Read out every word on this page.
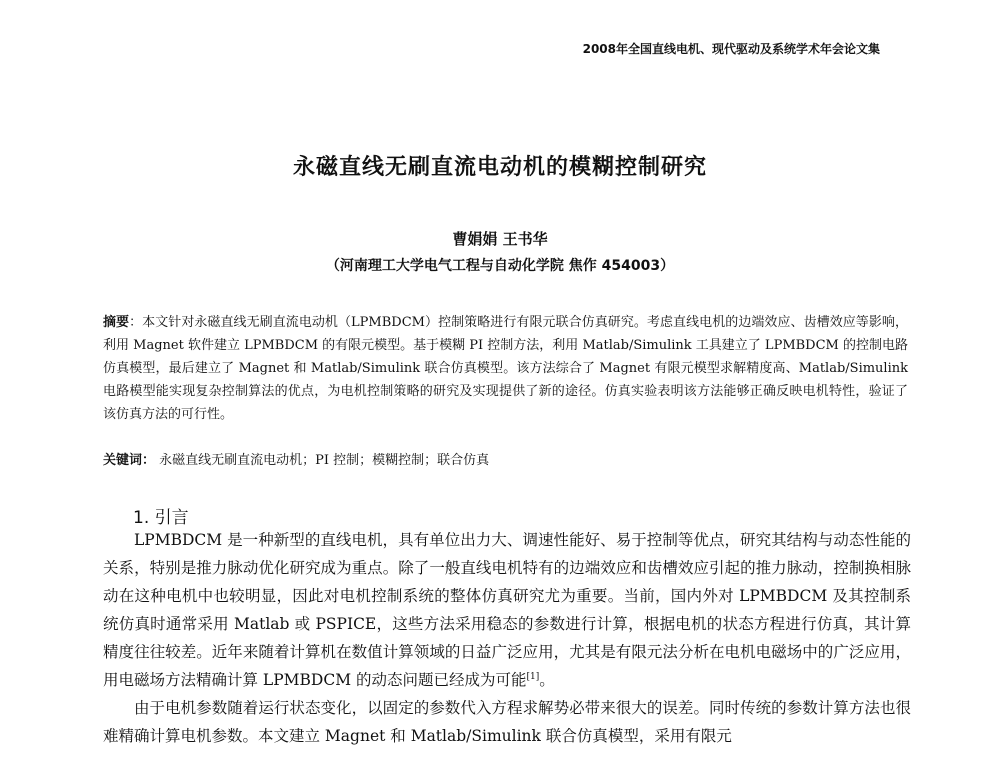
2008年全国直线电机、现代驱动及系统学术年会论文集
永磁直线无刷直流电动机的模糊控制研究
曹娟娟 王书华
（河南理工大学电气工程与自动化学院 焦作 454003）
摘要：本文针对永磁直线无刷直流电动机（LPMBDCM）控制策略进行有限元联合仿真研究。考虑直线电机的边端效应、齿槽效应等影响，利用 Magnet 软件建立 LPMBDCM 的有限元模型。基于模糊 PI 控制方法，利用 Matlab/Simulink 工具建立了 LPMBDCM 的控制电路仿真模型，最后建立了 Magnet 和 Matlab/Simulink 联合仿真模型。该方法综合了 Magnet 有限元模型求解精度高、Matlab/Simulink 电路模型能实现复杂控制算法的优点，为电机控制策略的研究及实现提供了新的途径。仿真实验表明该方法能够正确反映电机特性，验证了该仿真方法的可行性。
关键词： 永磁直线无刷直流电动机；PI 控制；模糊控制；联合仿真
1. 引言

LPMBDCM 是一种新型的直线电机，具有单位出力大、调速性能好、易于控制等优点，研究其结构与动态性能的关系，特别是推力脉动优化研究成为重点。除了一般直线电机特有的边端效应和齿槽效应引起的推力脉动，控制换相脉动在这种电机中也较明显，因此对电机控制系统的整体仿真研究尤为重要。当前，国内外对 LPMBDCM 及其控制系统仿真时通常采用 Matlab 或 PSPICE，这些方法采用稳态的参数进行计算，根据电机的状态方程进行仿真，其计算精度往往较差。近年来随着计算机在数值计算领域的日益广泛应用，尤其是有限元法分析在电机电磁场中的广泛应用，用电磁场方法精确计算 LPMBDCM 的动态问题已经成为可能[1]。

由于电机参数随着运行状态变化，以固定的参数代入方程求解势必带来很大的误差。同时传统的参数计算方法也很难精确计算电机参数。本文建立 Magnet 和 Matlab/Simulink 联合仿真模型，采用有限元
